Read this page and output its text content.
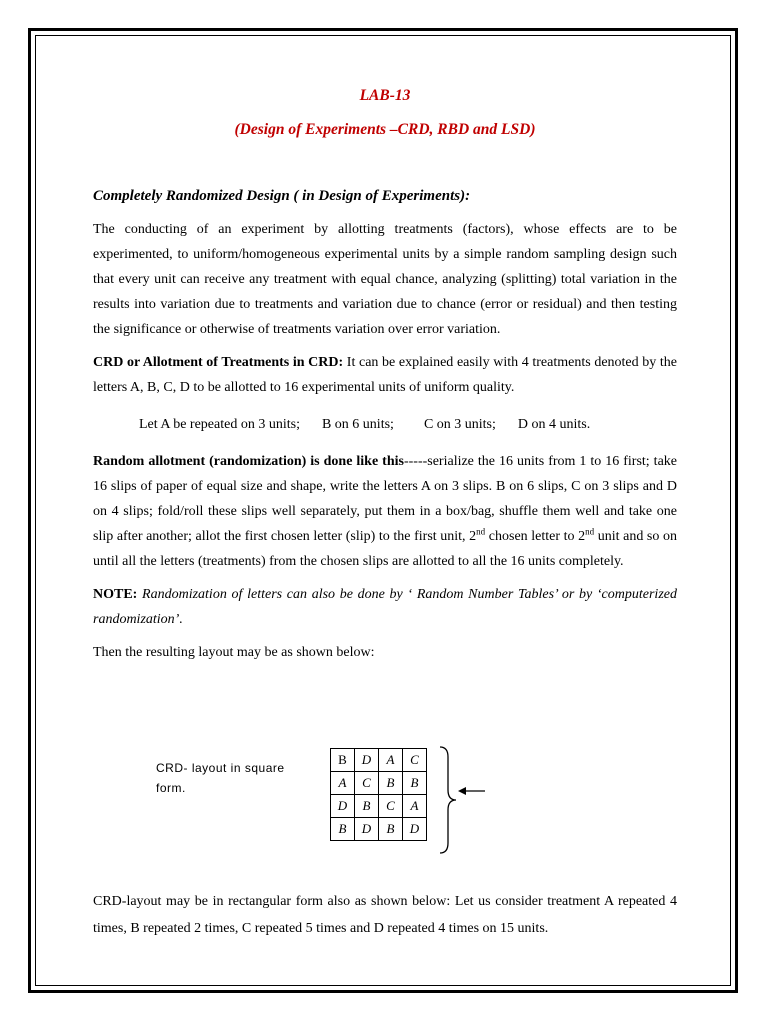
LAB-13
(Design of Experiments –CRD, RBD and LSD)
Completely Randomized Design ( in Design of Experiments):

The conducting of an experiment by allotting treatments (factors), whose effects are to be experimented, to uniform/homogeneous experimental units by a simple random sampling design such that every unit can receive any treatment with equal chance, analyzing (splitting) total variation in the results into variation due to treatments and variation due to chance (error or residual) and then testing the significance or otherwise of treatments variation over error variation.

CRD or Allotment of Treatments in CRD: It can be explained easily with 4 treatments denoted by the letters A, B, C, D to be allotted to 16 experimental units of uniform quality.

Let A be repeated on 3 units; B on 6 units; C on 3 units; D on 4 units.

Random allotment (randomization) is done like this-----serialize the 16 units from 1 to 16 first; take 16 slips of paper of equal size and shape, write the letters A on 3 slips. B on 6 slips, C on 3 slips and D on 4 slips; fold/roll these slips well separately, put them in a box/bag, shuffle them well and take one slip after another; allot the first chosen letter (slip) to the first unit, 2nd chosen letter to 2nd unit and so on until all the letters (treatments) from the chosen slips are allotted to all the 16 units completely.

NOTE: Randomization of letters can also be done by ‘ Random Number Tables’ or by ‘computerized randomization’.

Then the resulting layout may be as shown below:

CRD- layout in square form.
B	D	A	C
A	C	B	B
D	B	C	A
B	D	B	D

CRD-layout may be in rectangular form also as shown below: Let us consider treatment A repeated 4 times, B repeated 2 times, C repeated 5 times and D repeated 4 times on 15 units.
